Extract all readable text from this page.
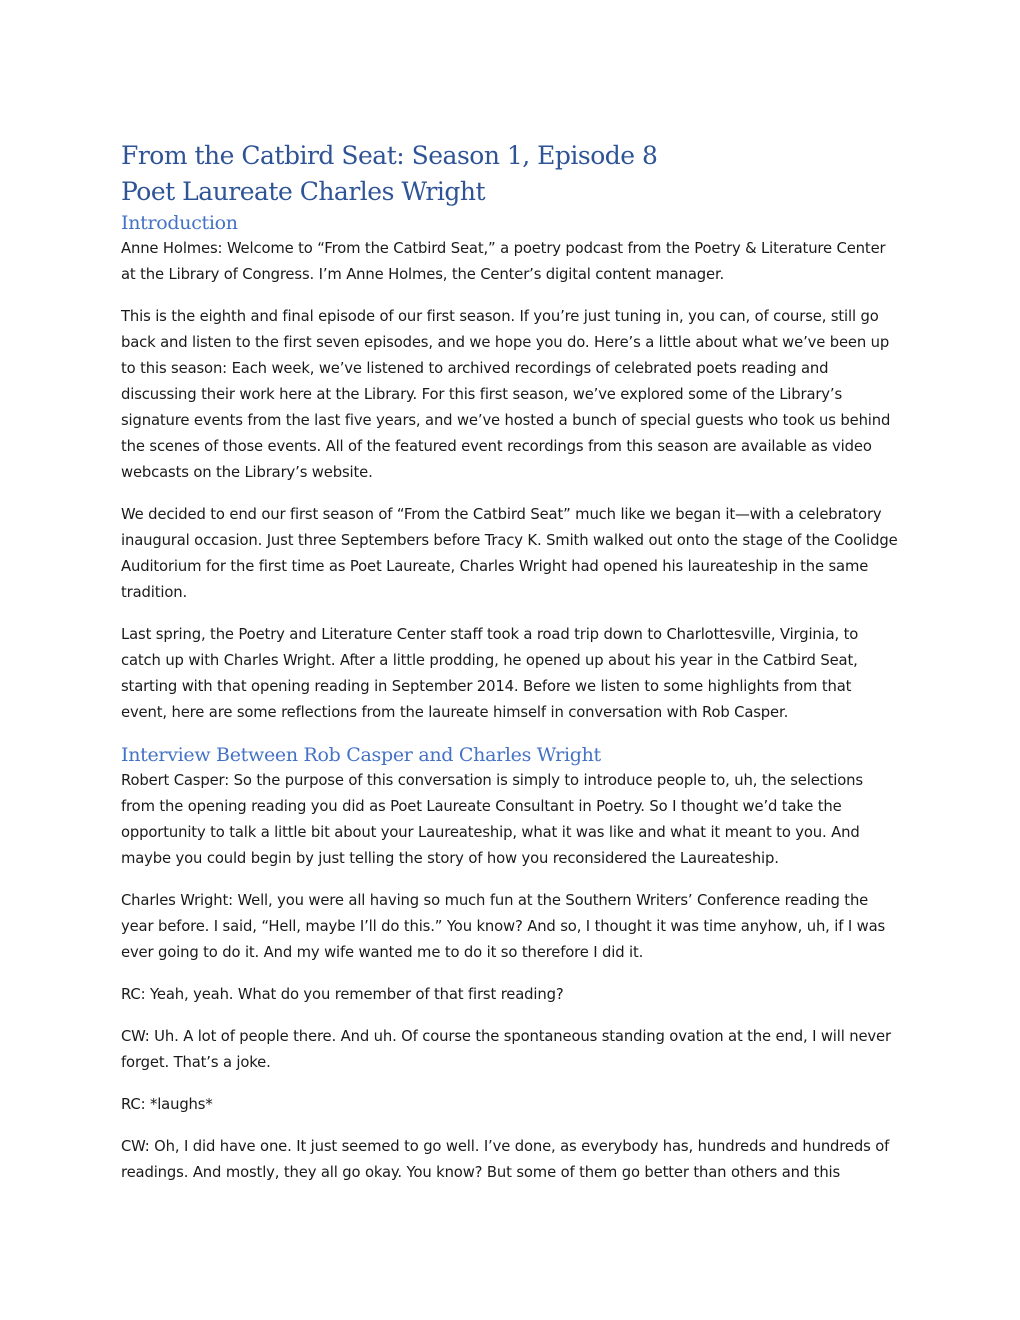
From the Catbird Seat: Season 1, Episode 8
Poet Laureate Charles Wright
Introduction

Anne Holmes: Welcome to “From the Catbird Seat,” a poetry podcast from the Poetry & Literature Center at the Library of Congress. I’m Anne Holmes, the Center’s digital content manager.

This is the eighth and final episode of our first season. If you’re just tuning in, you can, of course, still go back and listen to the first seven episodes, and we hope you do. Here’s a little about what we’ve been up to this season: Each week, we’ve listened to archived recordings of celebrated poets reading and discussing their work here at the Library. For this first season, we’ve explored some of the Library’s signature events from the last five years, and we’ve hosted a bunch of special guests who took us behind the scenes of those events. All of the featured event recordings from this season are available as video webcasts on the Library’s website.

We decided to end our first season of “From the Catbird Seat” much like we began it—with a celebratory inaugural occasion. Just three Septembers before Tracy K. Smith walked out onto the stage of the Coolidge Auditorium for the first time as Poet Laureate, Charles Wright had opened his laureateship in the same tradition.

Last spring, the Poetry and Literature Center staff took a road trip down to Charlottesville, Virginia, to catch up with Charles Wright. After a little prodding, he opened up about his year in the Catbird Seat, starting with that opening reading in September 2014. Before we listen to some highlights from that event, here are some reflections from the laureate himself in conversation with Rob Casper.

Interview Between Rob Casper and Charles Wright

Robert Casper: So the purpose of this conversation is simply to introduce people to, uh, the selections from the opening reading you did as Poet Laureate Consultant in Poetry. So I thought we’d take the opportunity to talk a little bit about your Laureateship, what it was like and what it meant to you. And maybe you could begin by just telling the story of how you reconsidered the Laureateship.

Charles Wright: Well, you were all having so much fun at the Southern Writers’ Conference reading the year before. I said, “Hell, maybe I’ll do this.” You know? And so, I thought it was time anyhow, uh, if I was ever going to do it. And my wife wanted me to do it so therefore I did it.

RC: Yeah, yeah. What do you remember of that first reading?

CW: Uh. A lot of people there. And uh. Of course the spontaneous standing ovation at the end, I will never forget. That’s a joke.

RC: *laughs*

CW: Oh, I did have one. It just seemed to go well. I’ve done, as everybody has, hundreds and hundreds of readings. And mostly, they all go okay. You know? But some of them go better than others and this
